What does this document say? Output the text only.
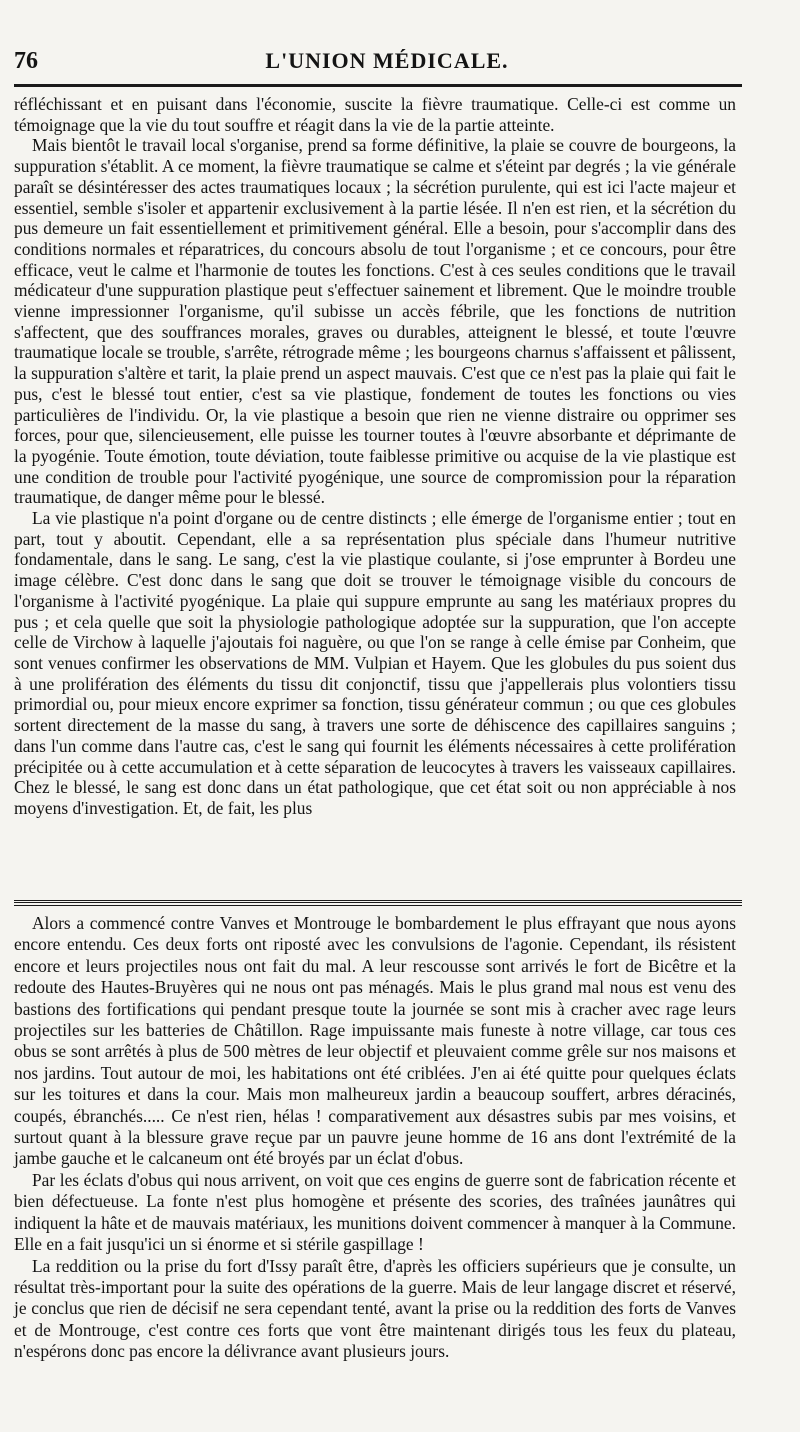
76	L'UNION MÉDICALE.

réfléchissant et en puisant dans l'économie, suscite la fièvre traumatique. Celle-ci est comme un témoignage que la vie du tout souffre et réagit dans la vie de la partie atteinte.

Mais bientôt le travail local s'organise, prend sa forme définitive, la plaie se couvre de bourgeons, la suppuration s'établit. A ce moment, la fièvre traumatique se calme et s'éteint par degrés ; la vie générale paraît se désintéresser des actes traumatiques locaux ; la sécrétion purulente, qui est ici l'acte majeur et essentiel, semble s'isoler et appartenir exclusivement à la partie lésée. Il n'en est rien, et la sécrétion du pus demeure un fait essentiellement et primitivement général. Elle a besoin, pour s'accomplir dans des conditions normales et réparatrices, du concours absolu de tout l'organisme ; et ce concours, pour être efficace, veut le calme et l'harmonie de toutes les fonctions. C'est à ces seules conditions que le travail médicateur d'une suppuration plastique peut s'effectuer sainement et librement. Que le moindre trouble vienne impressionner l'organisme, qu'il subisse un accès fébrile, que les fonctions de nutrition s'affectent, que des souffrances morales, graves ou durables, atteignent le blessé, et toute l'œuvre traumatique locale se trouble, s'arrête, rétrograde même ; les bourgeons charnus s'affaissent et pâlissent, la suppuration s'altère et tarit, la plaie prend un aspect mauvais. C'est que ce n'est pas la plaie qui fait le pus, c'est le blessé tout entier, c'est sa vie plastique, fondement de toutes les fonctions ou vies particulières de l'individu. Or, la vie plastique a besoin que rien ne vienne distraire ou opprimer ses forces, pour que, silencieusement, elle puisse les tourner toutes à l'œuvre absorbante et déprimante de la pyogénie. Toute émotion, toute déviation, toute faiblesse primitive ou acquise de la vie plastique est une condition de trouble pour l'activité pyogénique, une source de compromission pour la réparation traumatique, de danger même pour le blessé.

La vie plastique n'a point d'organe ou de centre distincts ; elle émerge de l'organisme entier ; tout en part, tout y aboutit. Cependant, elle a sa représentation plus spéciale dans l'humeur nutritive fondamentale, dans le sang. Le sang, c'est la vie plastique coulante, si j'ose emprunter à Bordeu une image célèbre. C'est donc dans le sang que doit se trouver le témoignage visible du concours de l'organisme à l'activité pyogénique. La plaie qui suppure emprunte au sang les matériaux propres du pus ; et cela quelle que soit la physiologie pathologique adoptée sur la suppuration, que l'on accepte celle de Virchow à laquelle j'ajoutais foi naguère, ou que l'on se range à celle émise par Conheim, que sont venues confirmer les observations de MM. Vulpian et Hayem. Que les globules du pus soient dus à une prolifération des éléments du tissu dit conjonctif, tissu que j'appellerais plus volontiers tissu primordial ou, pour mieux encore exprimer sa fonction, tissu générateur commun ; ou que ces globules sortent directement de la masse du sang, à travers une sorte de déhiscence des capillaires sanguins ; dans l'un comme dans l'autre cas, c'est le sang qui fournit les éléments nécessaires à cette prolifération précipitée ou à cette accumulation et à cette séparation de leucocytes à travers les vaisseaux capillaires. Chez le blessé, le sang est donc dans un état pathologique, que cet état soit ou non appréciable à nos moyens d'investigation. Et, de fait, les plus

Alors a commencé contre Vanves et Montrouge le bombardement le plus effrayant que nous ayons encore entendu. Ces deux forts ont riposté avec les convulsions de l'agonie. Cependant, ils résistent encore et leurs projectiles nous ont fait du mal. A leur rescousse sont arrivés le fort de Bicêtre et la redoute des Hautes-Bruyères qui ne nous ont pas ménagés. Mais le plus grand mal nous est venu des bastions des fortifications qui pendant presque toute la journée se sont mis à cracher avec rage leurs projectiles sur les batteries de Châtillon. Rage impuissante mais funeste à notre village, car tous ces obus se sont arrêtés à plus de 500 mètres de leur objectif et pleuvaient comme grêle sur nos maisons et nos jardins. Tout autour de moi, les habitations ont été criblées. J'en ai été quitte pour quelques éclats sur les toitures et dans la cour. Mais mon malheureux jardin a beaucoup souffert, arbres déracinés, coupés, ébranchés..... Ce n'est rien, hélas ! comparativement aux désastres subis par mes voisins, et surtout quant à la blessure grave reçue par un pauvre jeune homme de 16 ans dont l'extrémité de la jambe gauche et le calcaneum ont été broyés par un éclat d'obus.

Par les éclats d'obus qui nous arrivent, on voit que ces engins de guerre sont de fabrication récente et bien défectueuse. La fonte n'est plus homogène et présente des scories, des traînées jaunâtres qui indiquent la hâte et de mauvais matériaux, les munitions doivent commencer à manquer à la Commune. Elle en a fait jusqu'ici un si énorme et si stérile gaspillage !

La reddition ou la prise du fort d'Issy paraît être, d'après les officiers supérieurs que je consulte, un résultat très-important pour la suite des opérations de la guerre. Mais de leur langage discret et réservé, je conclus que rien de décisif ne sera cependant tenté, avant la prise ou la reddition des forts de Vanves et de Montrouge, c'est contre ces forts que vont être maintenant dirigés tous les feux du plateau, n'espérons donc pas encore la délivrance avant plusieurs jours.
